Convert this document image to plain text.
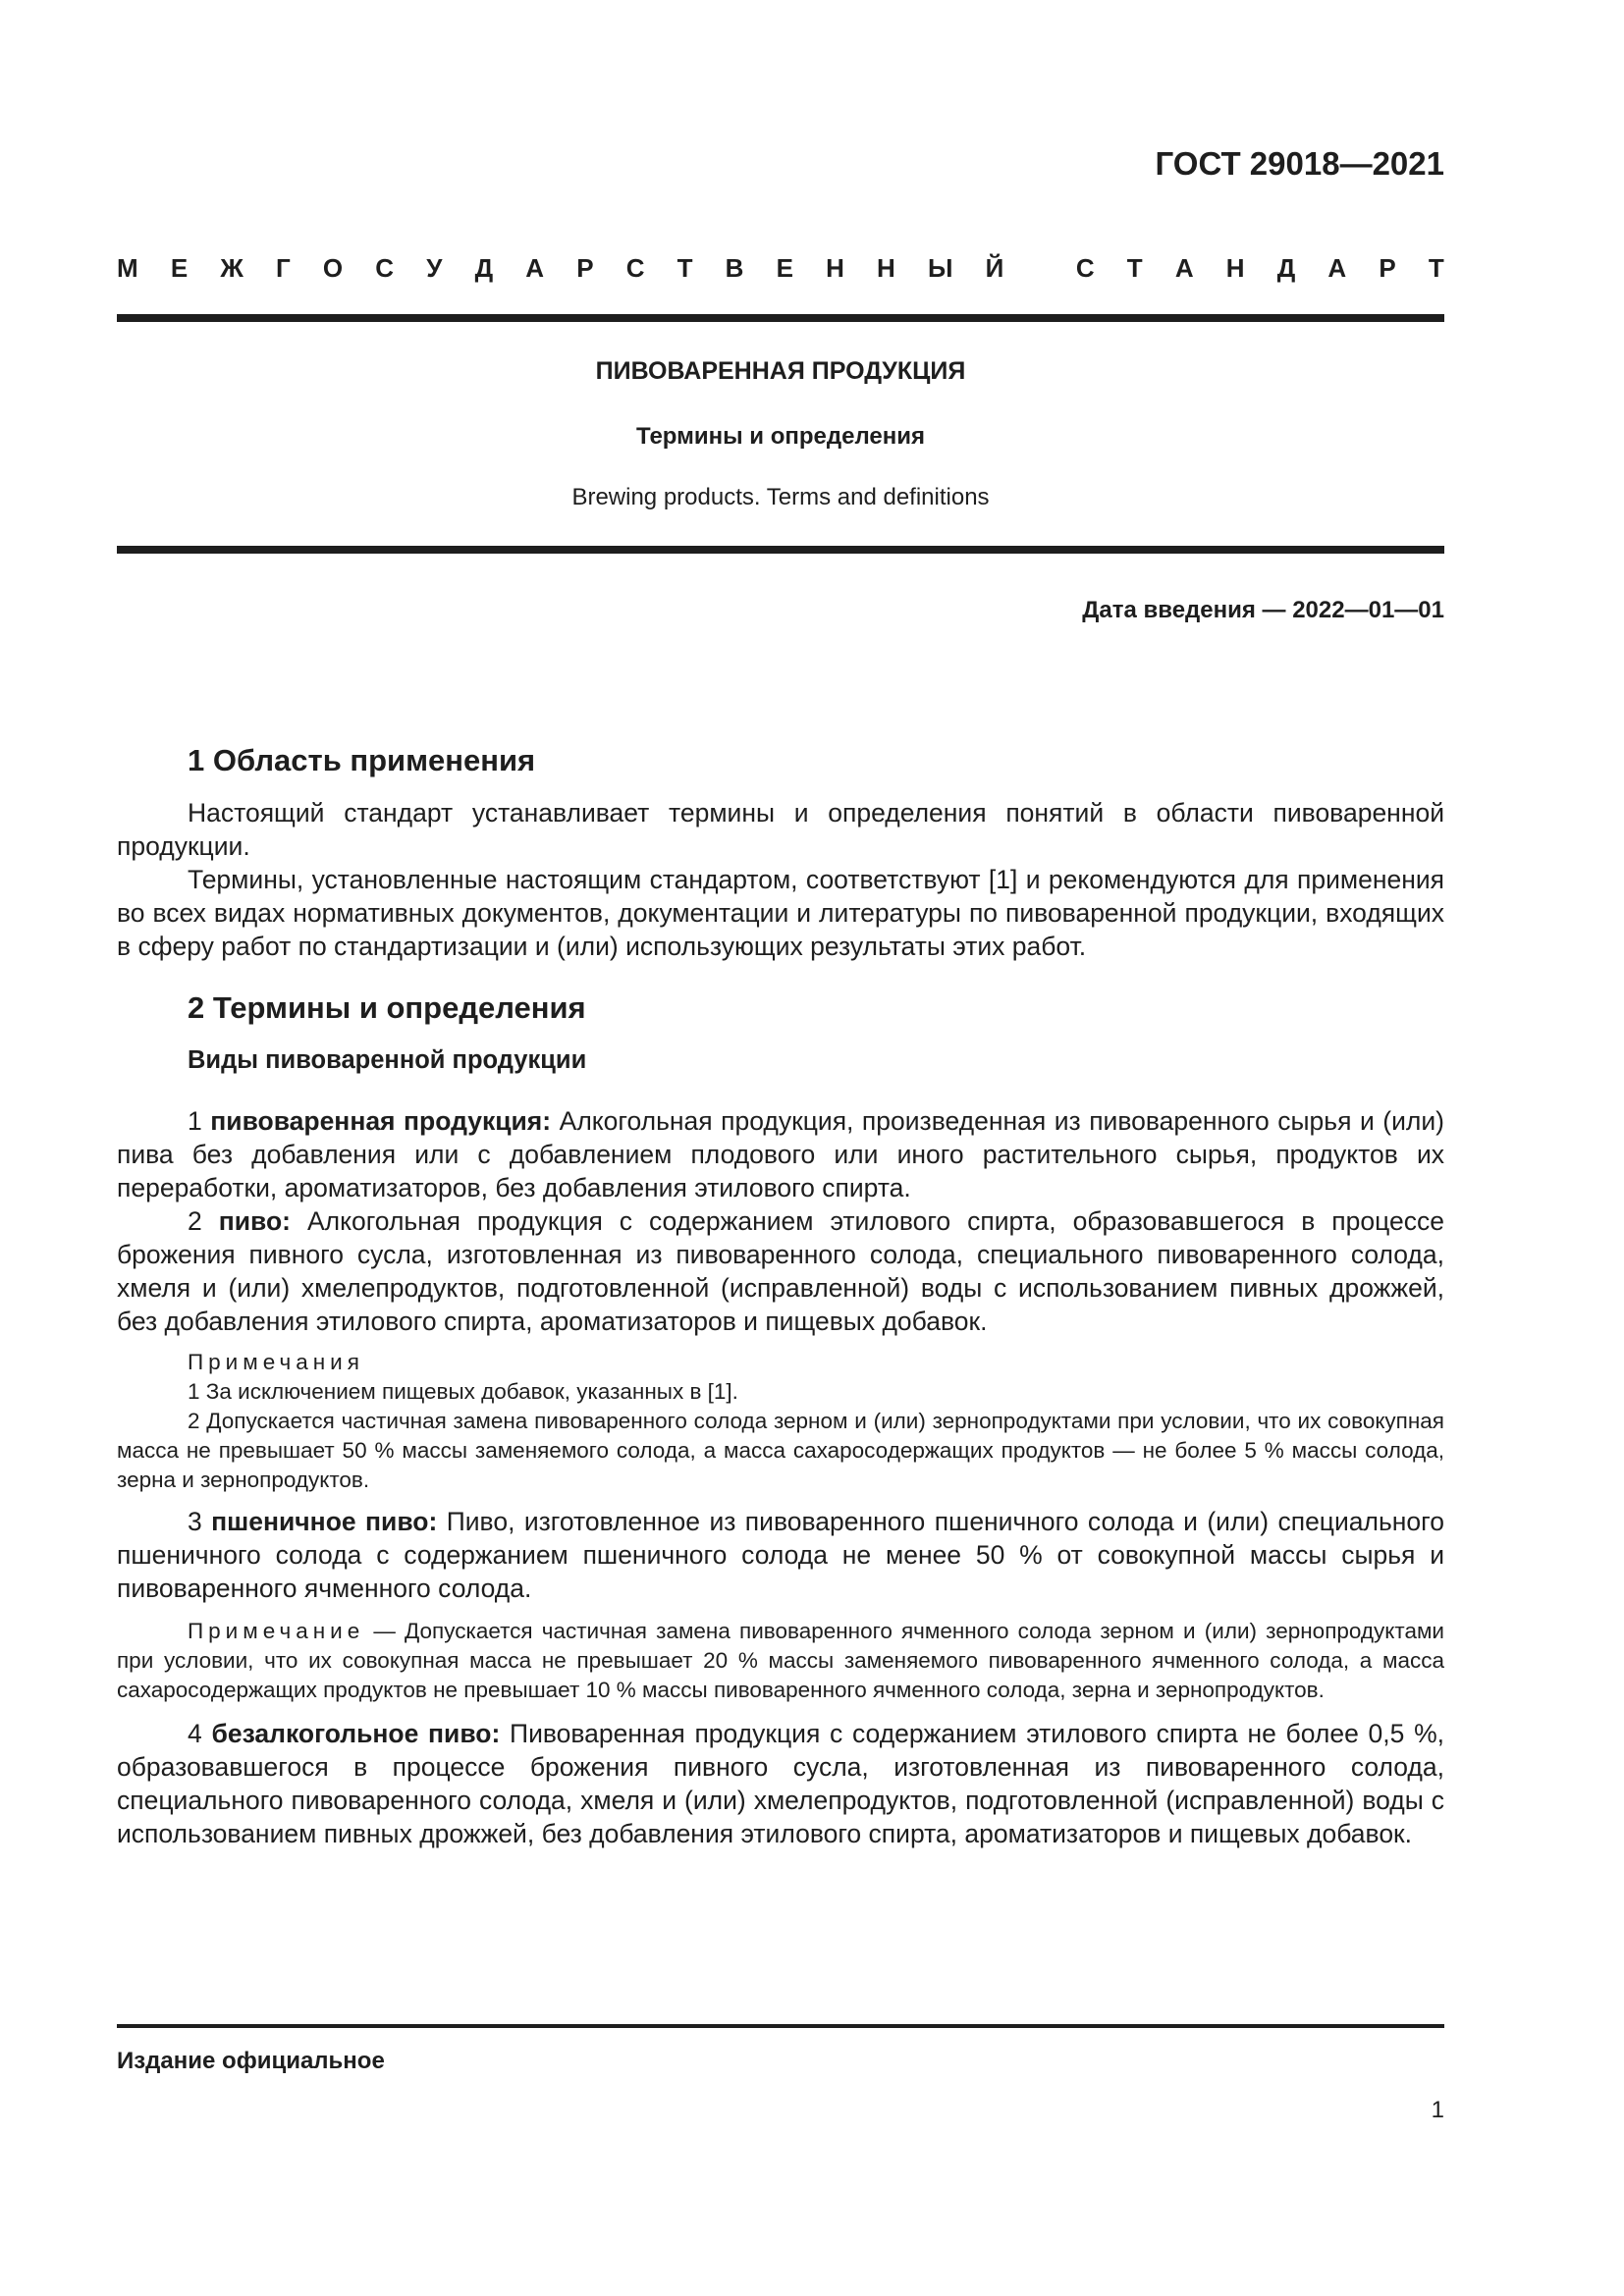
ГОСТ 29018—2021
М Е Ж Г О С У Д А Р С Т В Е Н Н Ы Й
	С Т А Н Д А Р Т
ПИВОВАРЕННАЯ ПРОДУКЦИЯ
Термины и определения
Brewing products. Terms and definitions
Дата введения — 2022—01—01
1 Область применения

Настоящий стандарт устанавливает термины и определения понятий в области пивоваренной продукции.

Термины, установленные настоящим стандартом, соответствуют [1] и рекомендуются для применения во всех видах нормативных документов, документации и литературы по пивоваренной продукции, входящих в сферу работ по стандартизации и (или) использующих результаты этих работ.

2 Термины и определения
Виды пивоваренной продукции

1 пивоваренная продукция: Алкогольная продукция, произведенная из пивоваренного сырья и (или) пива без добавления или с добавлением плодового или иного растительного сырья, продуктов их переработки, ароматизаторов, без добавления этилового спирта.

2 пиво: Алкогольная продукция с содержанием этилового спирта, образовавшегося в процессе брожения пивного сусла, изготовленная из пивоваренного солода, специального пивоваренного солода, хмеля и (или) хмелепродуктов, подготовленной (исправленной) воды с использованием пивных дрожжей, без добавления этилового спирта, ароматизаторов и пищевых добавок.

Примечания

1 За исключением пищевых добавок, указанных в [1].

2 Допускается частичная замена пивоваренного солода зерном и (или) зернопродуктами при условии, что их совокупная масса не превышает 50 % массы заменяемого солода, а масса сахаросодержащих продуктов — не более 5 % массы солода, зерна и зернопродуктов.

3 пшеничное пиво: Пиво, изготовленное из пивоваренного пшеничного солода и (или) специального пшеничного солода с содержанием пшеничного солода не менее 50 % от совокупной массы сырья и пивоваренного ячменного солода.

Примечание — Допускается частичная замена пивоваренного ячменного солода зерном и (или) зернопродуктами при условии, что их совокупная масса не превышает 20 % массы заменяемого пивоваренного ячменного солода, а масса сахаросодержащих продуктов не превышает 10 % массы пивоваренного ячменного солода, зерна и зернопродуктов.

4 безалкогольное пиво: Пивоваренная продукция с содержанием этилового спирта не более 0,5 %, образовавшегося в процессе брожения пивного сусла, изготовленная из пивоваренного солода, специального пивоваренного солода, хмеля и (или) хмелепродуктов, подготовленной (исправленной) воды с использованием пивных дрожжей, без добавления этилового спирта, ароматизаторов и пищевых добавок.

Издание официальное
1
